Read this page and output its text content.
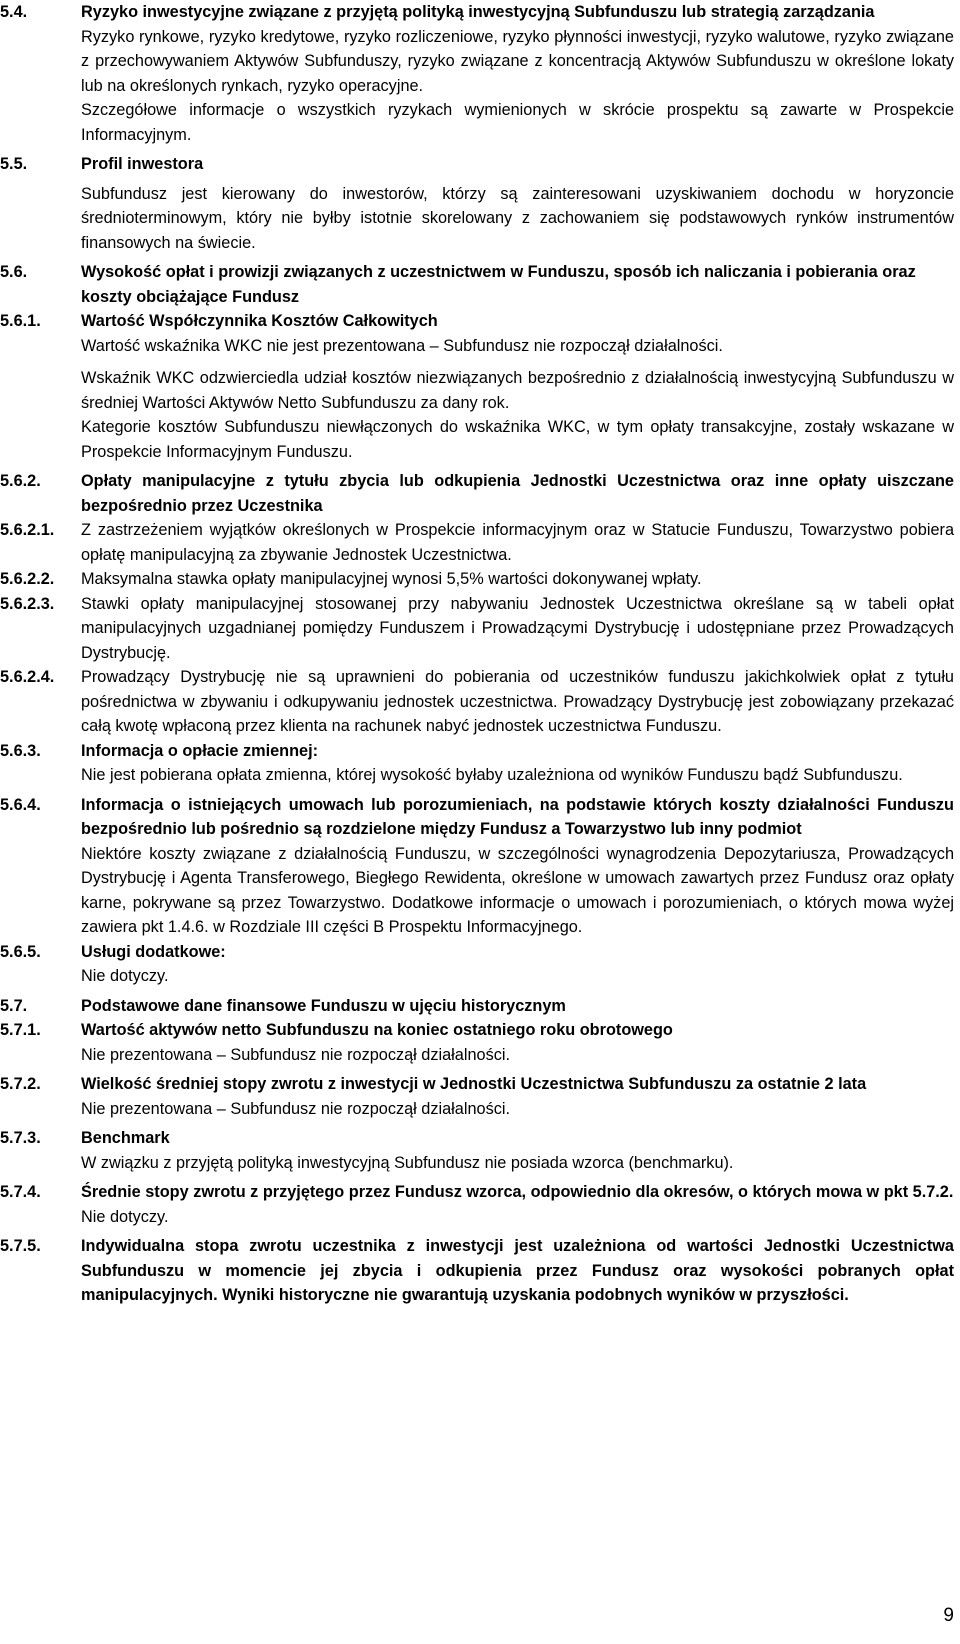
5.4.	Ryzyko inwestycyjne związane z przyjętą polityką inwestycyjną Subfunduszu lub strategią zarządzania
Ryzyko rynkowe, ryzyko kredytowe, ryzyko rozliczeniowe, ryzyko płynności inwestycji, ryzyko walutowe, ryzyko związane z przechowywaniem Aktywów Subfunduszy, ryzyko związane z koncentracją Aktywów Subfunduszu w określone lokaty lub na określonych rynkach, ryzyko operacyjne.
Szczegółowe informacje o wszystkich ryzykach wymienionych w skrócie prospektu są zawarte w Prospekcie Informacyjnym.
5.5.	Profil inwestora
Subfundusz jest kierowany do inwestorów, którzy są zainteresowani uzyskiwaniem dochodu w horyzoncie średnioterminowym, który nie byłby istotnie skorelowany z zachowaniem się podstawowych rynków instrumentów finansowych na świecie.
5.6.	Wysokość opłat i prowizji związanych z uczestnictwem w Funduszu, sposób ich naliczania i pobierania oraz koszty obciążające Fundusz
5.6.1.	Wartość Współczynnika Kosztów Całkowitych
Wartość wskaźnika WKC nie jest prezentowana – Subfundusz nie rozpoczął działalności.
Wskaźnik WKC odzwierciedla udział kosztów niezwiązanych bezpośrednio z działalnością inwestycyjną Subfunduszu w średniej Wartości Aktywów Netto Subfunduszu za dany rok.
Kategorie kosztów Subfunduszu niewłączonych do wskaźnika WKC, w tym opłaty transakcyjne, zostały wskazane w Prospekcie Informacyjnym Funduszu.
5.6.2.	Opłaty manipulacyjne z tytułu zbycia lub odkupienia Jednostki Uczestnictwa oraz inne opłaty uiszczane bezpośrednio przez Uczestnika
5.6.2.1.	Z zastrzeżeniem wyjątków określonych w Prospekcie informacyjnym oraz w Statucie Funduszu, Towarzystwo pobiera opłatę manipulacyjną za zbywanie Jednostek Uczestnictwa.
5.6.2.2.	Maksymalna stawka opłaty manipulacyjnej wynosi 5,5% wartości dokonywanej wpłaty.
5.6.2.3.	Stawki opłaty manipulacyjnej stosowanej przy nabywaniu Jednostek Uczestnictwa określane są w tabeli opłat manipulacyjnych uzgadnianej pomiędzy Funduszem i Prowadzącymi Dystrybucję i udostępniane przez Prowadzących Dystrybucję.
5.6.2.4.	Prowadzący Dystrybucję nie są uprawnieni do pobierania od uczestników funduszu jakichkolwiek opłat z tytułu pośrednictwa w zbywaniu i odkupywaniu jednostek uczestnictwa. Prowadzący Dystrybucję jest zobowiązany przekazać całą kwotę wpłaconą przez klienta na rachunek nabyć jednostek uczestnictwa Funduszu.
5.6.3.	Informacja o opłacie zmiennej:
Nie jest pobierana opłata zmienna, której wysokość byłaby uzależniona od wyników Funduszu bądź Subfunduszu.
5.6.4.	Informacja o istniejących umowach lub porozumieniach, na podstawie których koszty działalności Funduszu bezpośrednio lub pośrednio są rozdzielone między Fundusz a Towarzystwo lub inny podmiot
Niektóre koszty związane z działalnością Funduszu, w szczególności wynagrodzenia Depozytariusza, Prowadzących Dystrybucję i Agenta Transferowego, Biegłego Rewidenta, określone w umowach zawartych przez Fundusz oraz opłaty karne, pokrywane są przez Towarzystwo. Dodatkowe informacje o umowach i porozumieniach, o których mowa wyżej zawiera pkt 1.4.6. w Rozdziale III części B Prospektu Informacyjnego.
5.6.5.	Usługi dodatkowe:
Nie dotyczy.
5.7.	Podstawowe dane finansowe Funduszu w ujęciu historycznym
5.7.1.	Wartość aktywów netto Subfunduszu na koniec ostatniego roku obrotowego
Nie prezentowana – Subfundusz nie rozpoczął działalności.
5.7.2.	Wielkość średniej stopy zwrotu z inwestycji w Jednostki Uczestnictwa Subfunduszu za ostatnie 2 lata
Nie prezentowana – Subfundusz nie rozpoczął działalności.
5.7.3.	Benchmark
W związku z przyjętą polityką inwestycyjną Subfundusz nie posiada wzorca (benchmarku).
5.7.4.	Średnie stopy zwrotu z przyjętego przez Fundusz wzorca, odpowiednio dla okresów, o których mowa w pkt 5.7.2.
Nie dotyczy.
5.7.5.	Indywidualna stopa zwrotu uczestnika z inwestycji jest uzależniona od wartości Jednostki Uczestnictwa Subfunduszu w momencie jej zbycia i odkupienia przez Fundusz oraz wysokości pobranych opłat manipulacyjnych. Wyniki historyczne nie gwarantują uzyskania podobnych wyników w przyszłości.
9
